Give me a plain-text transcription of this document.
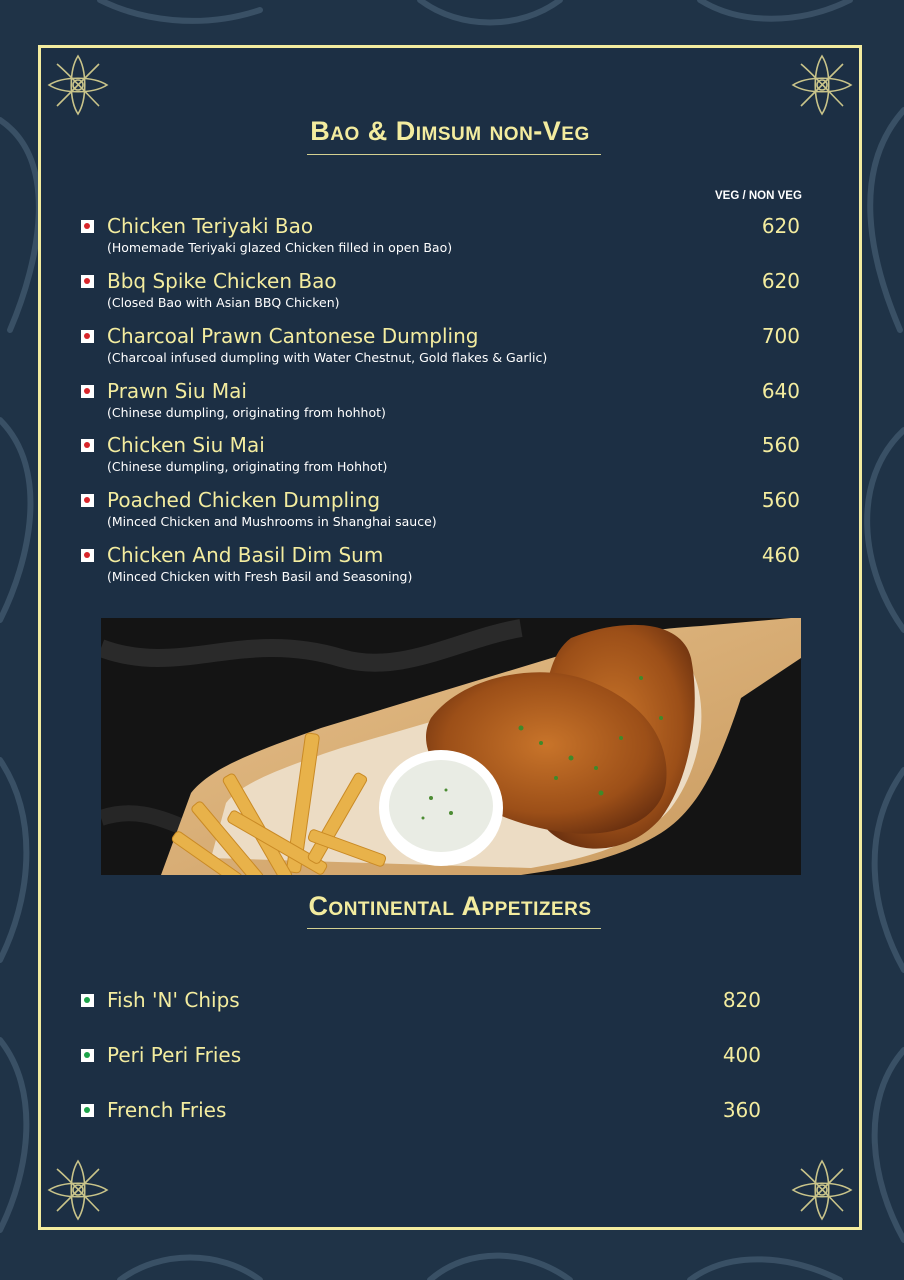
Bao & Dimsum non-Veg
VEG / NON VEG
Chicken Teriyaki Bao
(Homemade Teriyaki glazed Chicken filled in open Bao)
620
Bbq Spike Chicken Bao
(Closed Bao with Asian BBQ Chicken)
620
Charcoal Prawn Cantonese Dumpling
(Charcoal infused dumpling with Water Chestnut, Gold flakes & Garlic)
700
Prawn Siu Mai
(Chinese dumpling, originating from hohhot)
640
Chicken Siu Mai
(Chinese dumpling, originating from Hohhot)
560
Poached Chicken Dumpling
(Minced Chicken and Mushrooms in Shanghai sauce)
560
Chicken And Basil Dim Sum
(Minced Chicken with Fresh Basil and Seasoning)
460
Continental Appetizers
Fish 'N' Chips	820
Peri Peri Fries	400
French Fries	360
